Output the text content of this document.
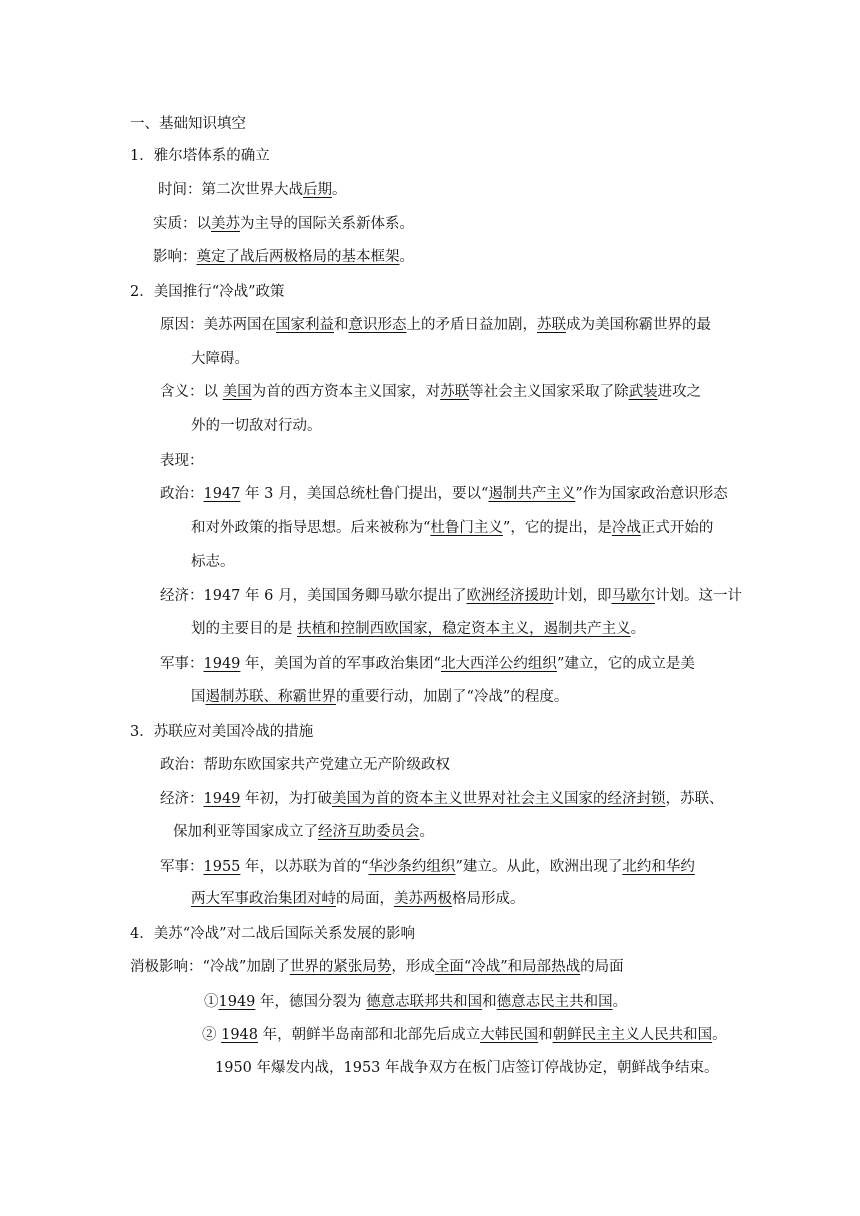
一、基础知识填空
1．雅尔塔体系的确立
时间：第二次世界大战后期。
实质：以美苏为主导的国际关系新体系。
影响：奠定了战后两极格局的基本框架。
2．美国推行“冷战”政策
原因：美苏两国在国家利益和意识形态上的矛盾日益加剧，苏联成为美国称霸世界的最
大障碍。
含义：以 美国为首的西方资本主义国家，对苏联等社会主义国家采取了除武装进攻之
外的一切敌对行动。
表现：
政治：1947 年 3 月，美国总统杜鲁门提出，要以“遏制共产主义”作为国家政治意识形态
和对外政策的指导思想。后来被称为“杜鲁门主义”，它的提出，是冷战正式开始的
标志。
经济：1947 年 6 月，美国国务卿马歇尔提出了欧洲经济援助计划，即马歇尔计划。这一计
划的主要目的是 扶植和控制西欧国家，稳定资本主义，遏制共产主义。
军事：1949 年，美国为首的军事政治集团“北大西洋公约组织”建立，它的成立是美
国遏制苏联、称霸世界的重要行动，加剧了“冷战”的程度。
3．苏联应对美国冷战的措施
政治：帮助东欧国家共产党建立无产阶级政权
经济：1949 年初，为打破美国为首的资本主义世界对社会主义国家的经济封锁，苏联、
保加利亚等国家成立了经济互助委员会。
军事：1955 年，以苏联为首的“华沙条约组织”建立。从此，欧洲出现了北约和华约
两大军事政治集团对峙的局面，美苏两极格局形成。
4．美苏“冷战”对二战后国际关系发展的影响
消极影响：“冷战”加剧了世界的紧张局势，形成全面“冷战”和局部热战的局面
①1949 年，德国分裂为 德意志联邦共和国和德意志民主共和国。
② 1948 年，朝鲜半岛南部和北部先后成立大韩民国和朝鲜民主主义人民共和国。
1950 年爆发内战，1953 年战争双方在板门店签订停战协定，朝鲜战争结束。
